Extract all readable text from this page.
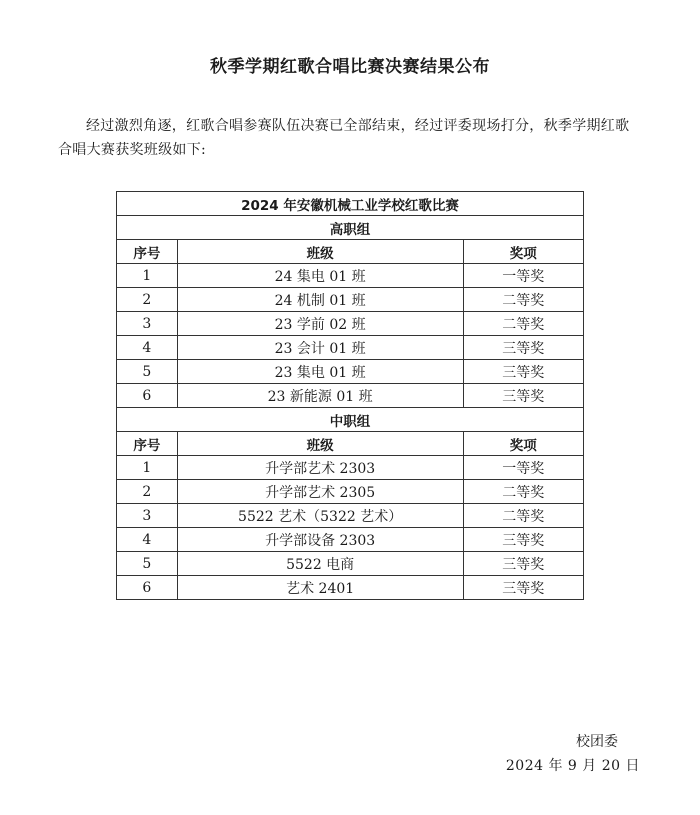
秋季学期红歌合唱比赛决赛结果公布
经过激烈角逐，红歌合唱参赛队伍决赛已全部结束，经过评委现场打分，秋季学期红歌合唱大赛获奖班级如下:
2024 年安徽机械工业学校红歌比赛		
高职组		
序号	班级	奖项
1	24 集电 01 班	一等奖
2	24 机制 01 班	二等奖
3	23 学前 02 班	二等奖
4	23 会计 01 班	三等奖
5	23 集电 01 班	三等奖
6	23 新能源 01 班	三等奖
中职组		
序号	班级	奖项
1	升学部艺术 2303	一等奖
2	升学部艺术 2305	二等奖
3	5522 艺术（5322 艺术）	二等奖
4	升学部设备 2303	三等奖
5	5522 电商	三等奖
6	艺术 2401	三等奖
校团委
2024 年 9 月 20 日
